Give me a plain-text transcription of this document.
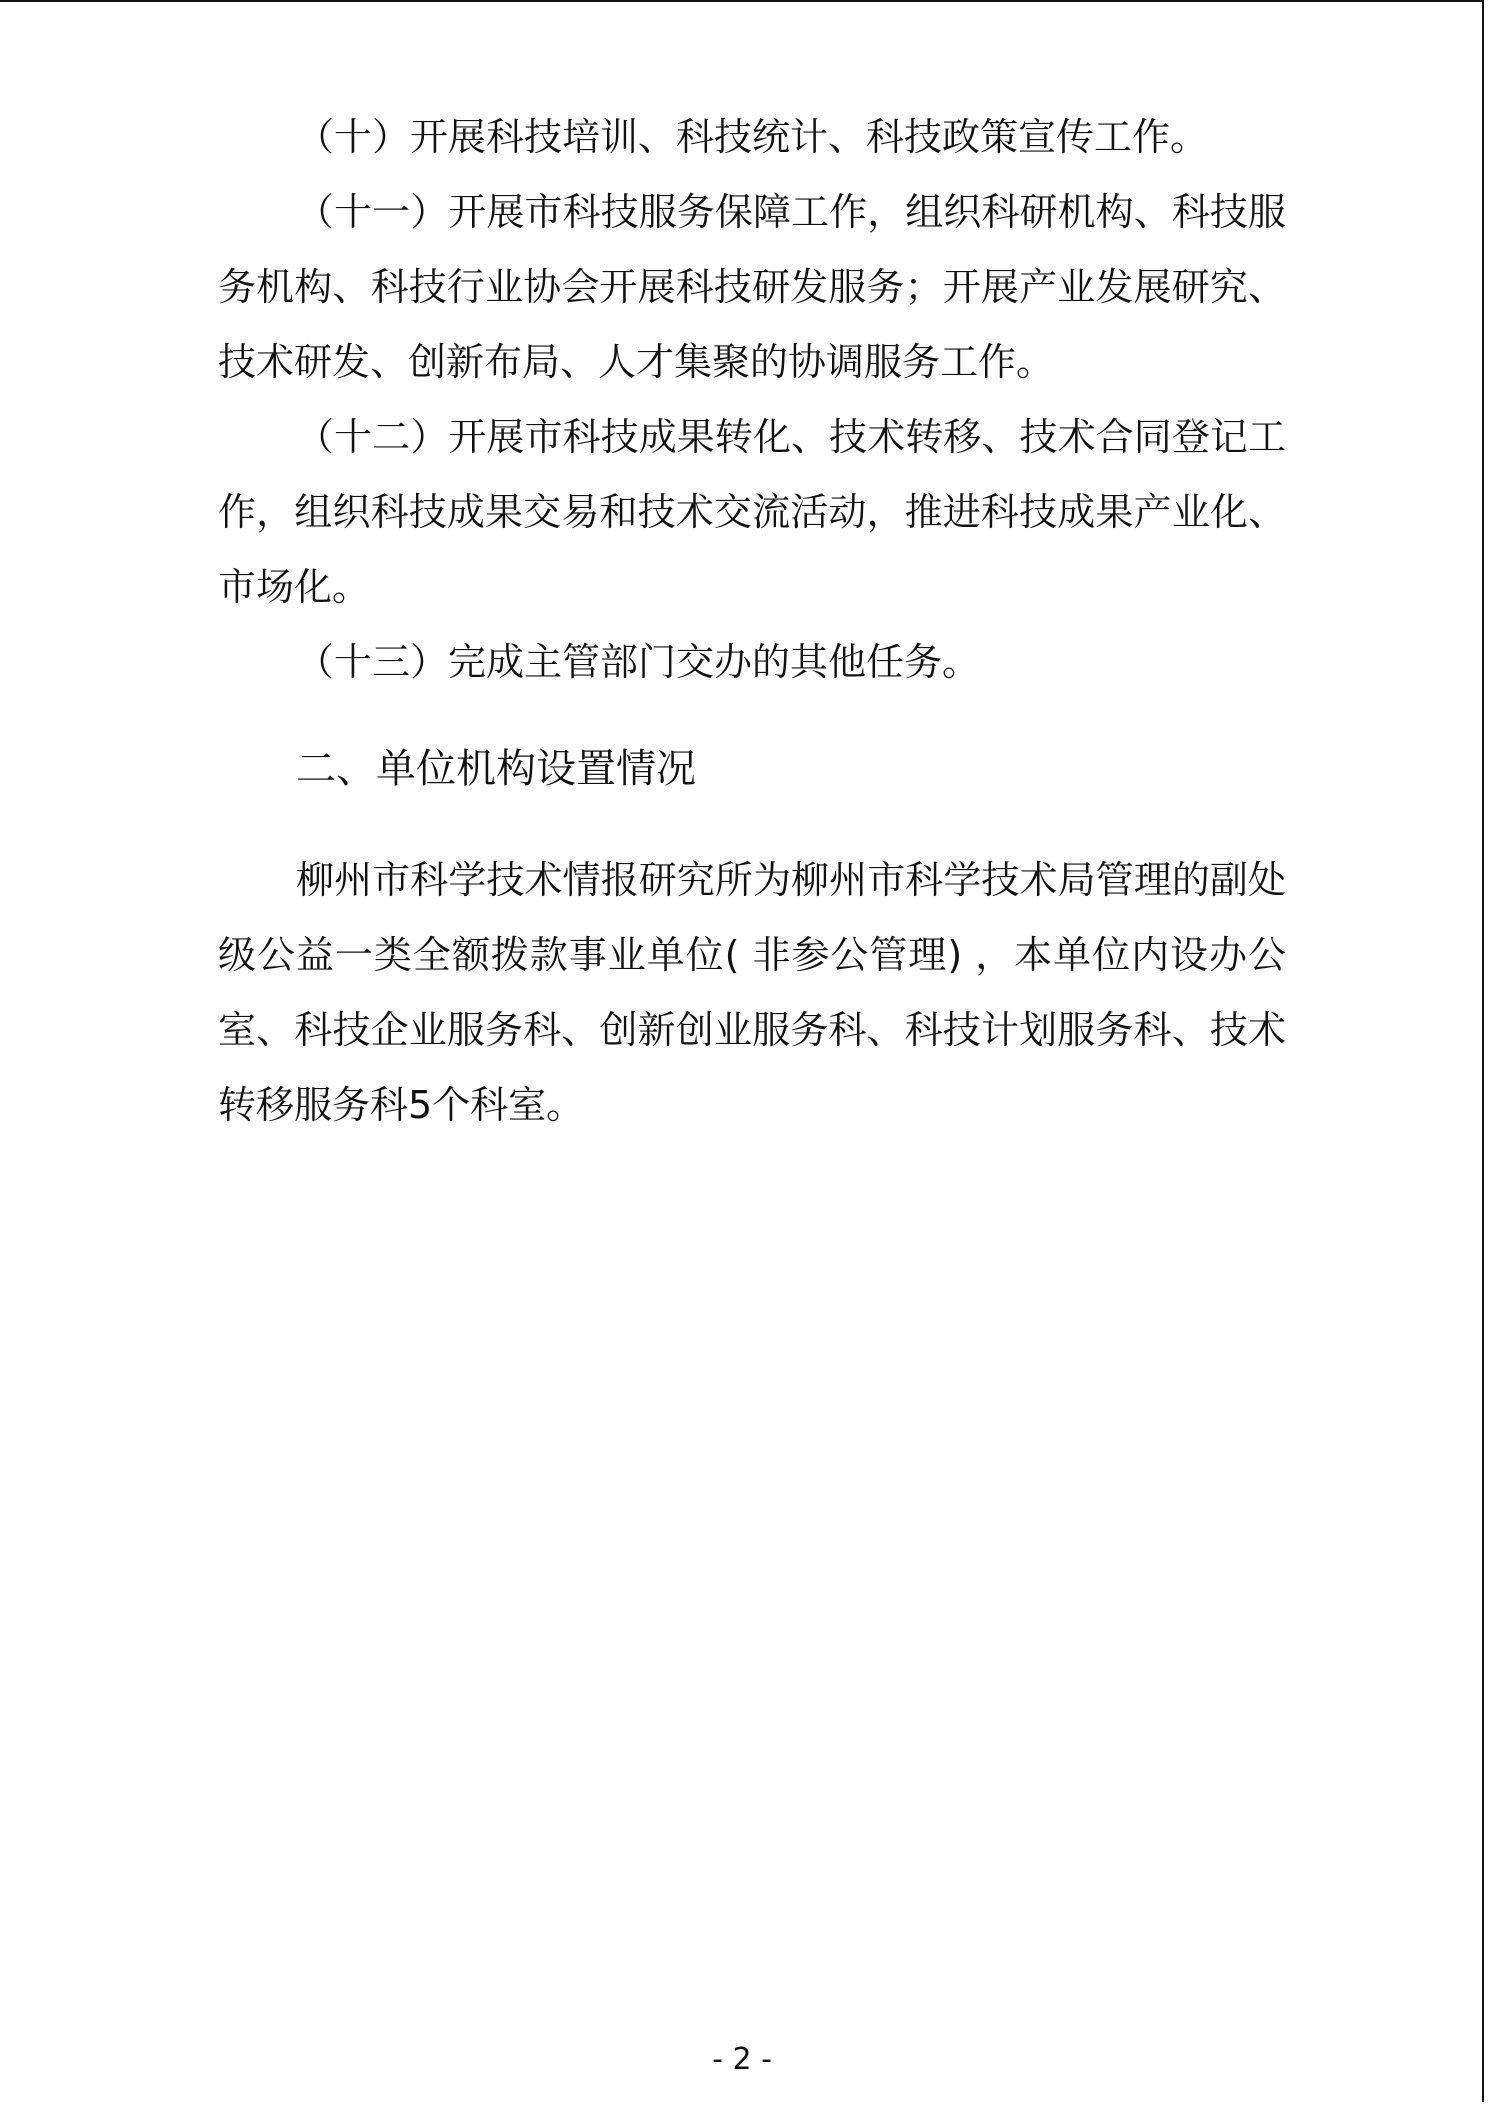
（十）开展科技培训、科技统计、科技政策宣传工作。

（十一）开展市科技服务保障工作，组织科研机构、科技服务机构、科技行业协会开展科技研发服务；开展产业发展研究、技术研发、创新布局、人才集聚的协调服务工作。

（十二）开展市科技成果转化、技术转移、技术合同登记工作，组织科技成果交易和技术交流活动，推进科技成果产业化、市场化。

（十三）完成主管部门交办的其他任务。

二、单位机构设置情况

柳州市科学技术情报研究所为柳州市科学技术局管理的副处级公益一类全额拨款事业单位( 非参公管理) ，本单位内设办公室、科技企业服务科、创新创业服务科、科技计划服务科、技术转移服务科5个科室。

- 2 -
